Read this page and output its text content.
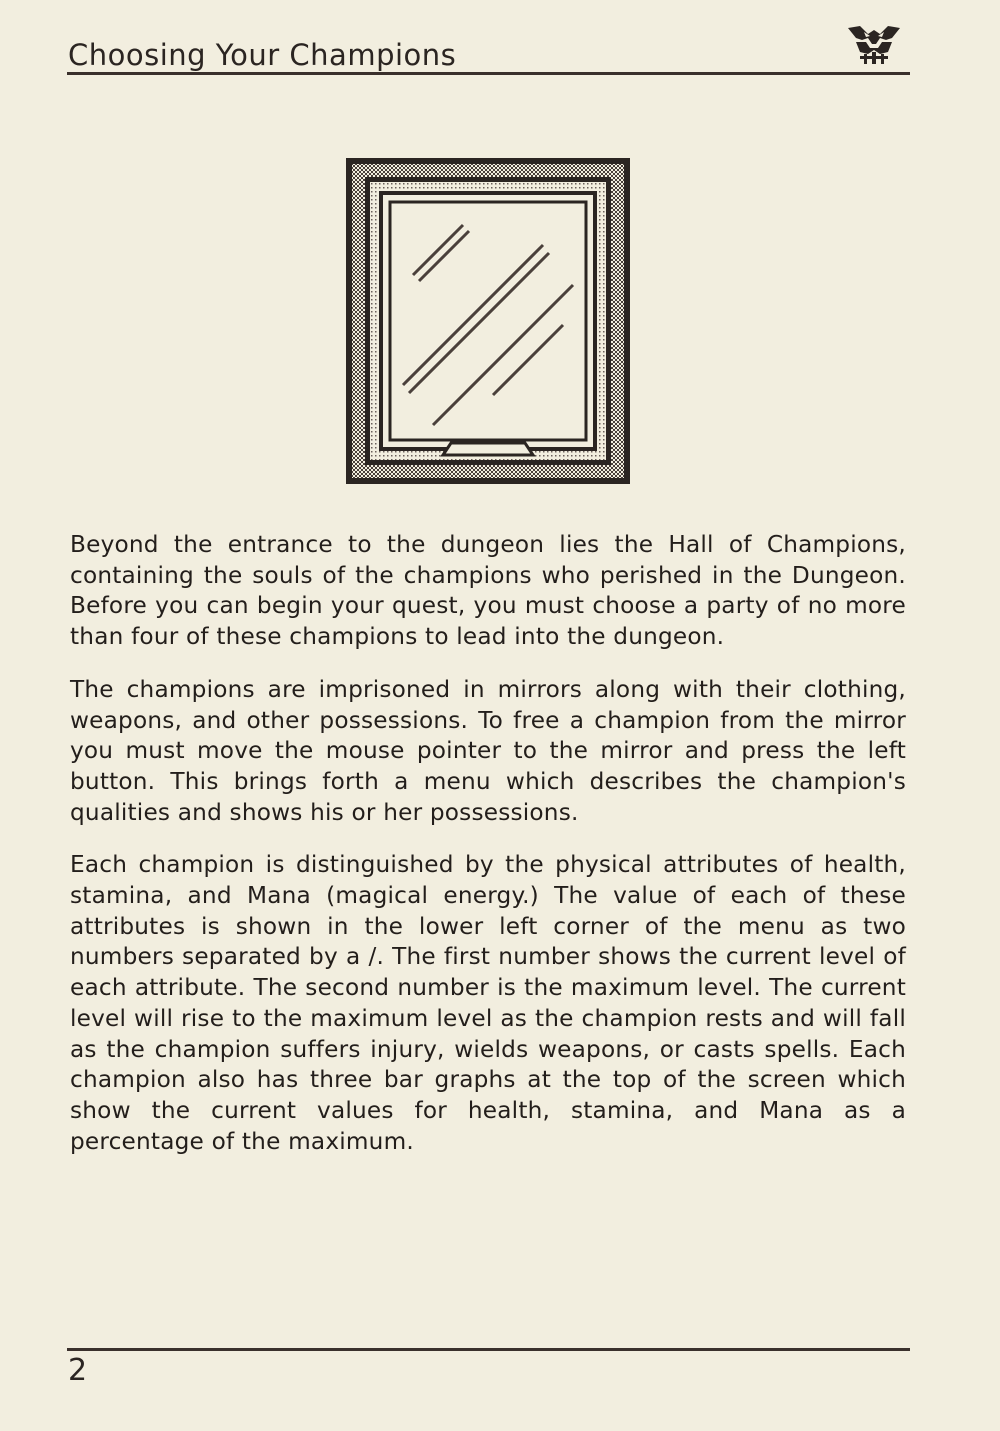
Choosing Your Champions

Beyond the entrance to the dungeon lies the Hall of Champions, containing the souls of the champions who perished in the Dungeon. Before you can begin your quest, you must choose a party of no more than four of these champions to lead into the dungeon.

The champions are imprisoned in mirrors along with their clothing, weapons, and other possessions. To free a champion from the mirror you must move the mouse pointer to the mirror and press the left button. This brings forth a menu which describes the champion's qualities and shows his or her possessions.

Each champion is distinguished by the physical attributes of health, stamina, and Mana (magical energy.) The value of each of these attributes is shown in the lower left corner of the menu as two numbers separated by a /. The first number shows the current level of each attribute. The second number is the maximum level. The current level will rise to the maximum level as the champion rests and will fall as the champion suffers injury, wields weapons, or casts spells. Each champion also has three bar graphs at the top of the screen which show the current values for health, stamina, and Mana as a percentage of the maximum.

2
